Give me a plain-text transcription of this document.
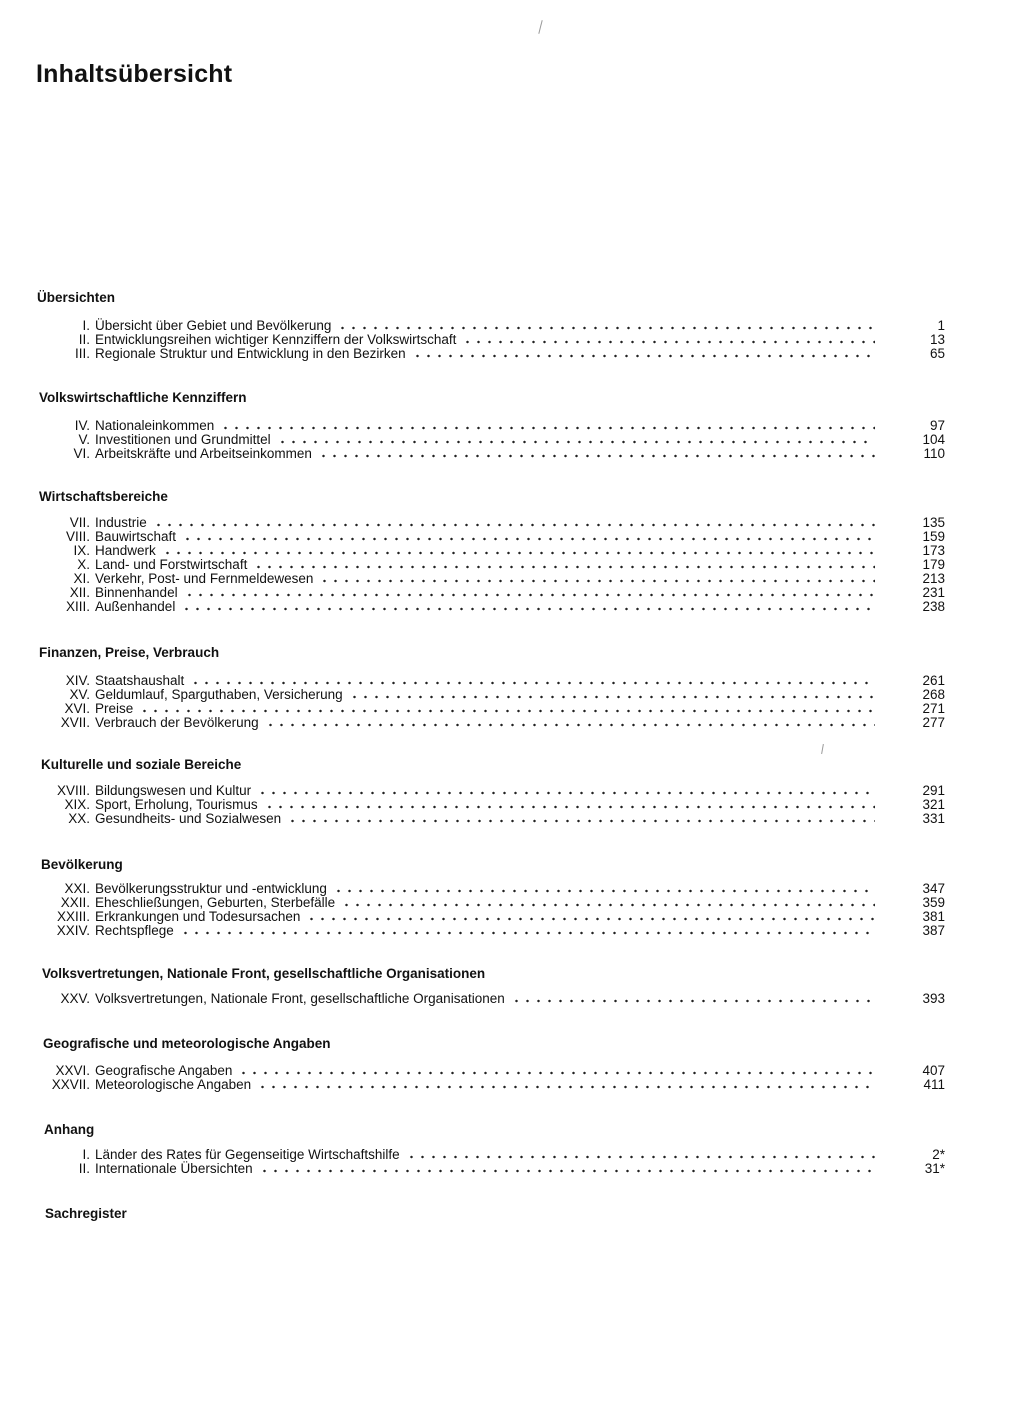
Inhaltsübersicht
Übersichten
I. Übersicht über Gebiet und Bevölkerung	1
II. Entwicklungsreihen wichtiger Kennziffern der Volkswirtschaft	13
III. Regionale Struktur und Entwicklung in den Bezirken	65
Volkswirtschaftliche Kennziffern
IV. Nationaleinkommen	97
V. Investitionen und Grundmittel	104
VI. Arbeitskräfte und Arbeitseinkommen	110
Wirtschaftsbereiche
VII. Industrie	135
VIII. Bauwirtschaft	159
IX. Handwerk	173
X. Land- und Forstwirtschaft	179
XI. Verkehr, Post- und Fernmeldewesen	213
XII. Binnenhandel	231
XIII. Außenhandel	238
Finanzen, Preise, Verbrauch
XIV. Staatshaushalt	261
XV. Geldumlauf, Sparguthaben, Versicherung	268
XVI. Preise	271
XVII. Verbrauch der Bevölkerung	277
Kulturelle und soziale Bereiche
XVIII. Bildungswesen und Kultur	291
XIX. Sport, Erholung, Tourismus	321
XX. Gesundheits- und Sozialwesen	331
Bevölkerung
XXI. Bevölkerungsstruktur und -entwicklung	347
XXII. Eheschließungen, Geburten, Sterbefälle	359
XXIII. Erkrankungen und Todesursachen	381
XXIV. Rechtspflege	387
Volksvertretungen, Nationale Front, gesellschaftliche Organisationen
XXV. Volksvertretungen, Nationale Front, gesellschaftliche Organisationen	393
Geografische und meteorologische Angaben
XXVI. Geografische Angaben	407
XXVII. Meteorologische Angaben	411
Anhang
I. Länder des Rates für Gegenseitige Wirtschaftshilfe	2*
II. Internationale Übersichten	31*
Sachregister
